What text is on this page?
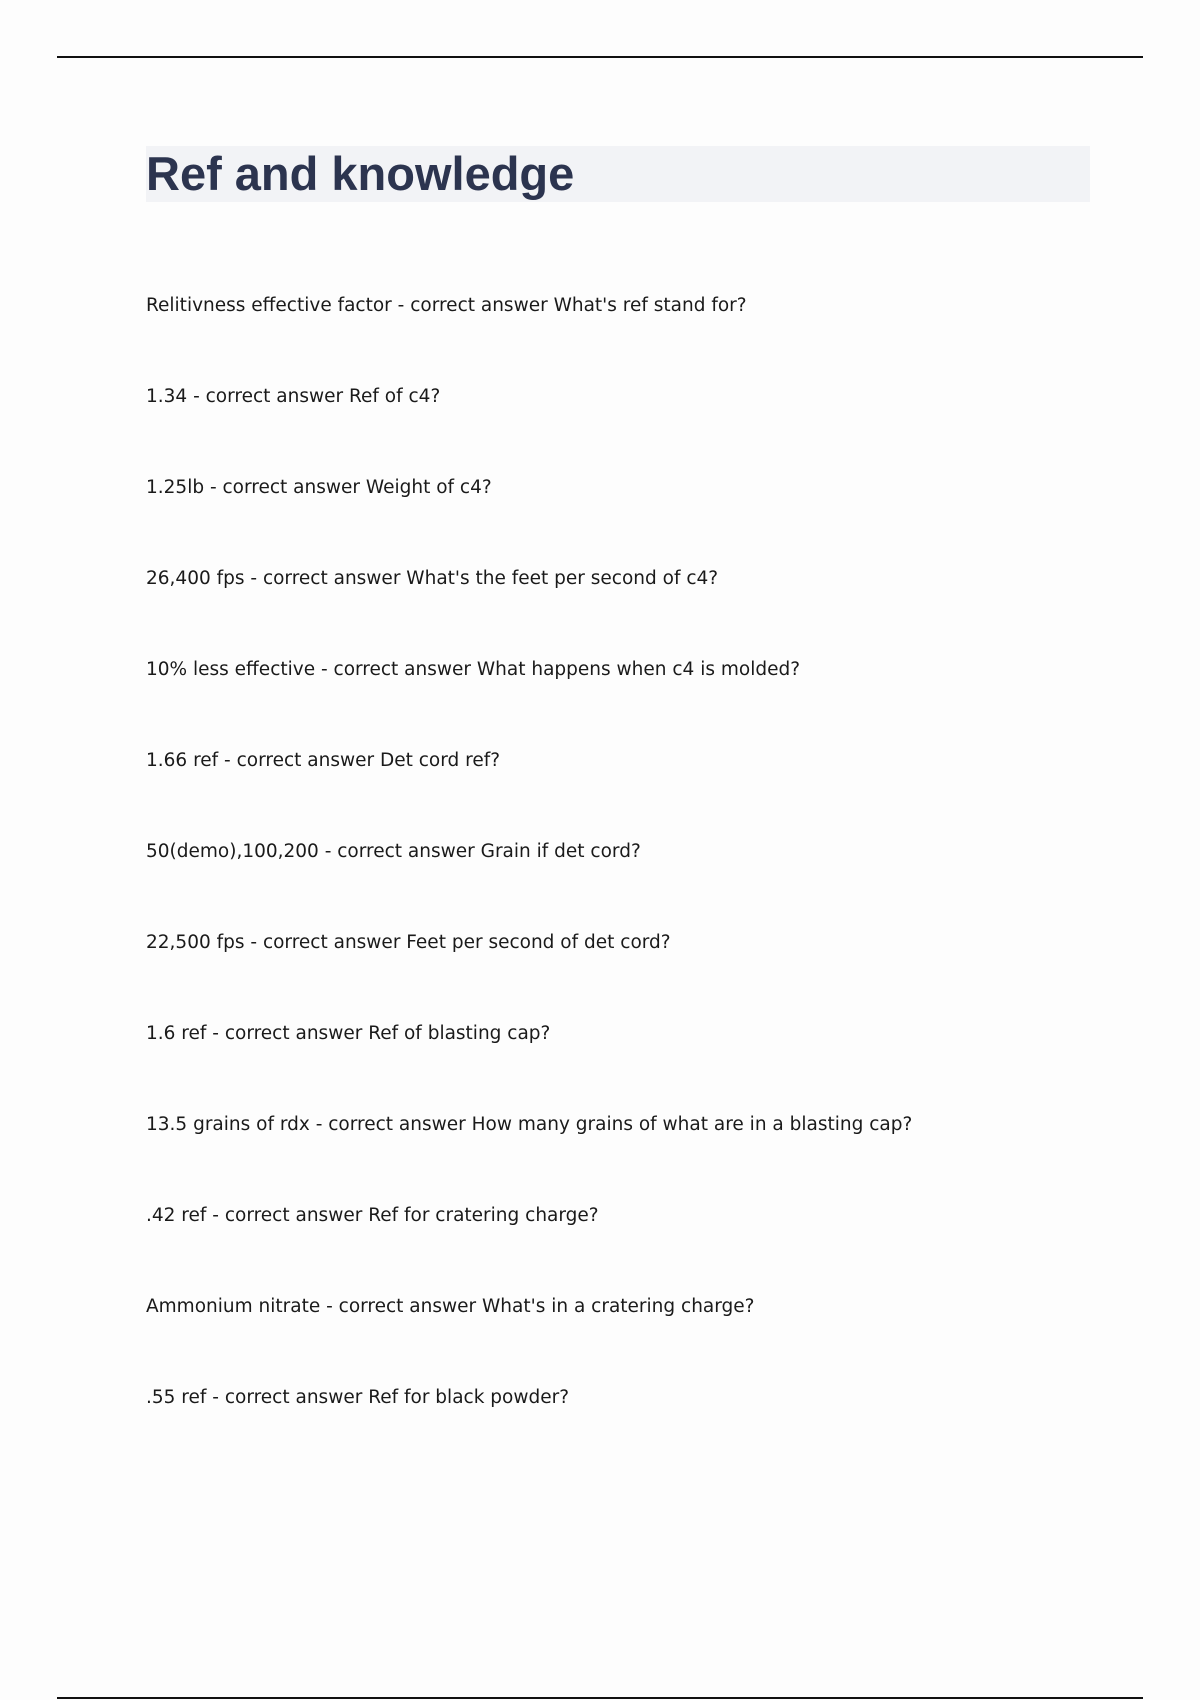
Ref and knowledge
Relitivness effective factor - correct answer What's ref stand for?
1.34 - correct answer Ref of c4?
1.25lb - correct answer Weight of c4?
26,400 fps - correct answer What's the feet per second of c4?
10% less effective - correct answer What happens when c4 is molded?
1.66 ref - correct answer Det cord ref?
50(demo),100,200 - correct answer Grain if det cord?
22,500 fps - correct answer Feet per second of det cord?
1.6 ref - correct answer Ref of blasting cap?
13.5 grains of rdx - correct answer How many grains of what are in a blasting cap?
.42 ref - correct answer Ref for cratering charge?
Ammonium nitrate - correct answer What's in a cratering charge?
.55 ref - correct answer Ref for black powder?
